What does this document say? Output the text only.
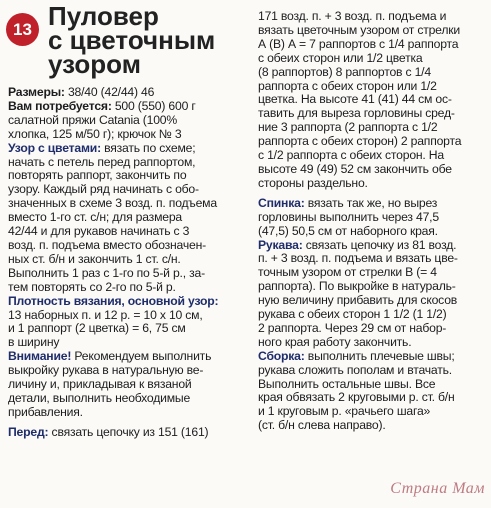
13 Пуловер
с цветочным
узором
Размеры: 38/40 (42/44) 46
Вам потребуется: 500 (550) 600 г
салатной пряжи Catania (100%
хлопка, 125 м/50 г); крючок № 3
Узор с цветами: вязать по схеме;
начать с петель перед раппортом,
повторять раппорт, закончить по
узору. Каждый ряд начинать с обо-
значенных в схеме 3 возд. п. подъема
вместо 1-го ст. с/н; для размера
42/44 и для рукавов начинать с 3
возд. п. подъема вместо обозначен-
ных ст. б/н и закончить 1 ст. с/н.
Выполнить 1 раз с 1-го по 5-й р., за-
тем повторять со 2-го по 5-й р.
Плотность вязания, основной узор:
13 наборных п. и 12 р. = 10 х 10 см,
и 1 раппорт (2 цветка) = 6, 75 см
в ширину
Внимание! Рекомендуем выполнить
выкройку рукава в натуральную ве-
личину и, прикладывая к вязаной
детали, выполнить необходимые
прибавления.
Перед: связать цепочку из 151 (161)
171 возд. п. + 3 возд. п. подъема и
вязать цветочным узором от стрелки
А (В) А = 7 раппортов с 1/4 раппорта
с обеих сторон или 1/2 цветка
(8 раппортов) 8 раппортов с 1/4
раппорта с обеих сторон или 1/2
цветка. На высоте 41 (41) 44 см ос-
тавить для выреза горловины сред-
ние 3 раппорта (2 раппорта с 1/2
раппорта с обеих сторон) 2 раппорта
с 1/2 раппорта с обеих сторон. На
высоте 49 (49) 52 см закончить обе
стороны раздельно.
Спинка: вязать так же, но вырез
горловины выполнить через 47,5
(47,5) 50,5 см от наборного края.
Рукава: связать цепочку из 81 возд.
п. + 3 возд. п. подъема и вязать цве-
точным узором от стрелки В (= 4
раппорта). По выкройке в натураль-
ную величину прибавить для скосов
рукава с обеих сторон 1 1/2 (1 1/2)
2 раппорта. Через 29 см от набор-
ного края работу закончить.
Сборка: выполнить плечевые швы;
рукава сложить пополам и втачать.
Выполнить остальные швы. Все
края обвязать 2 круговыми р. ст. б/н
и 1 круговым р. «рачьего шага»
(ст. б/н слева направо).
Страна Мам
